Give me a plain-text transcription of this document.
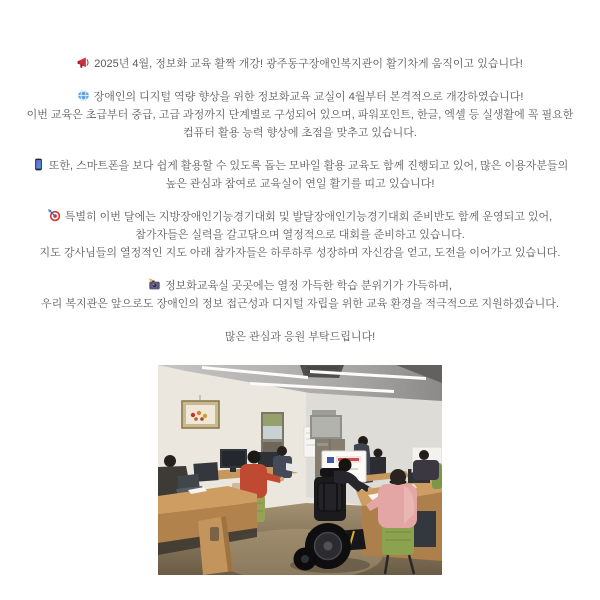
2025년 4월, 정보화 교육 활짝 개강! 광주동구장애인복지관이 활기차게 움직이고 있습니다!
장애인의 디지털 역량 향상을 위한 정보화교육 교실이 4월부터 본격적으로 개강하였습니다!
이번 교육은 초급부터 중급, 고급 과정까지 단계별로 구성되어 있으며, 파워포인트, 한글, 엑셀 등 실생활에 꼭 필요한
컴퓨터 활용 능력 향상에 초점을 맞추고 있습니다.
또한, 스마트폰을 보다 쉽게 활용할 수 있도록 돕는 모바일 활용 교육도 함께 진행되고 있어, 많은 이용자분들의
높은 관심과 참여로 교육실이 연일 활기를 띠고 있습니다!
특별히 이번 달에는 지방장애인기능경기대회 및 발달장애인기능경기대회 준비반도 함께 운영되고 있어,
참가자들은 실력을 갈고닦으며 열정적으로 대회를 준비하고 있습니다.
지도 강사님들의 열정적인 지도 아래 참가자들은 하루하루 성장하며 자신감을 얻고, 도전을 이어가고 있습니다.
정보화교육실 곳곳에는 열정 가득한 학습 분위기가 가득하며,
우리 복지관은 앞으로도 장애인의 정보 접근성과 디지털 자립을 위한 교육 환경을 적극적으로 지원하겠습니다.
많은 관심과 응원 부탁드립니다!
